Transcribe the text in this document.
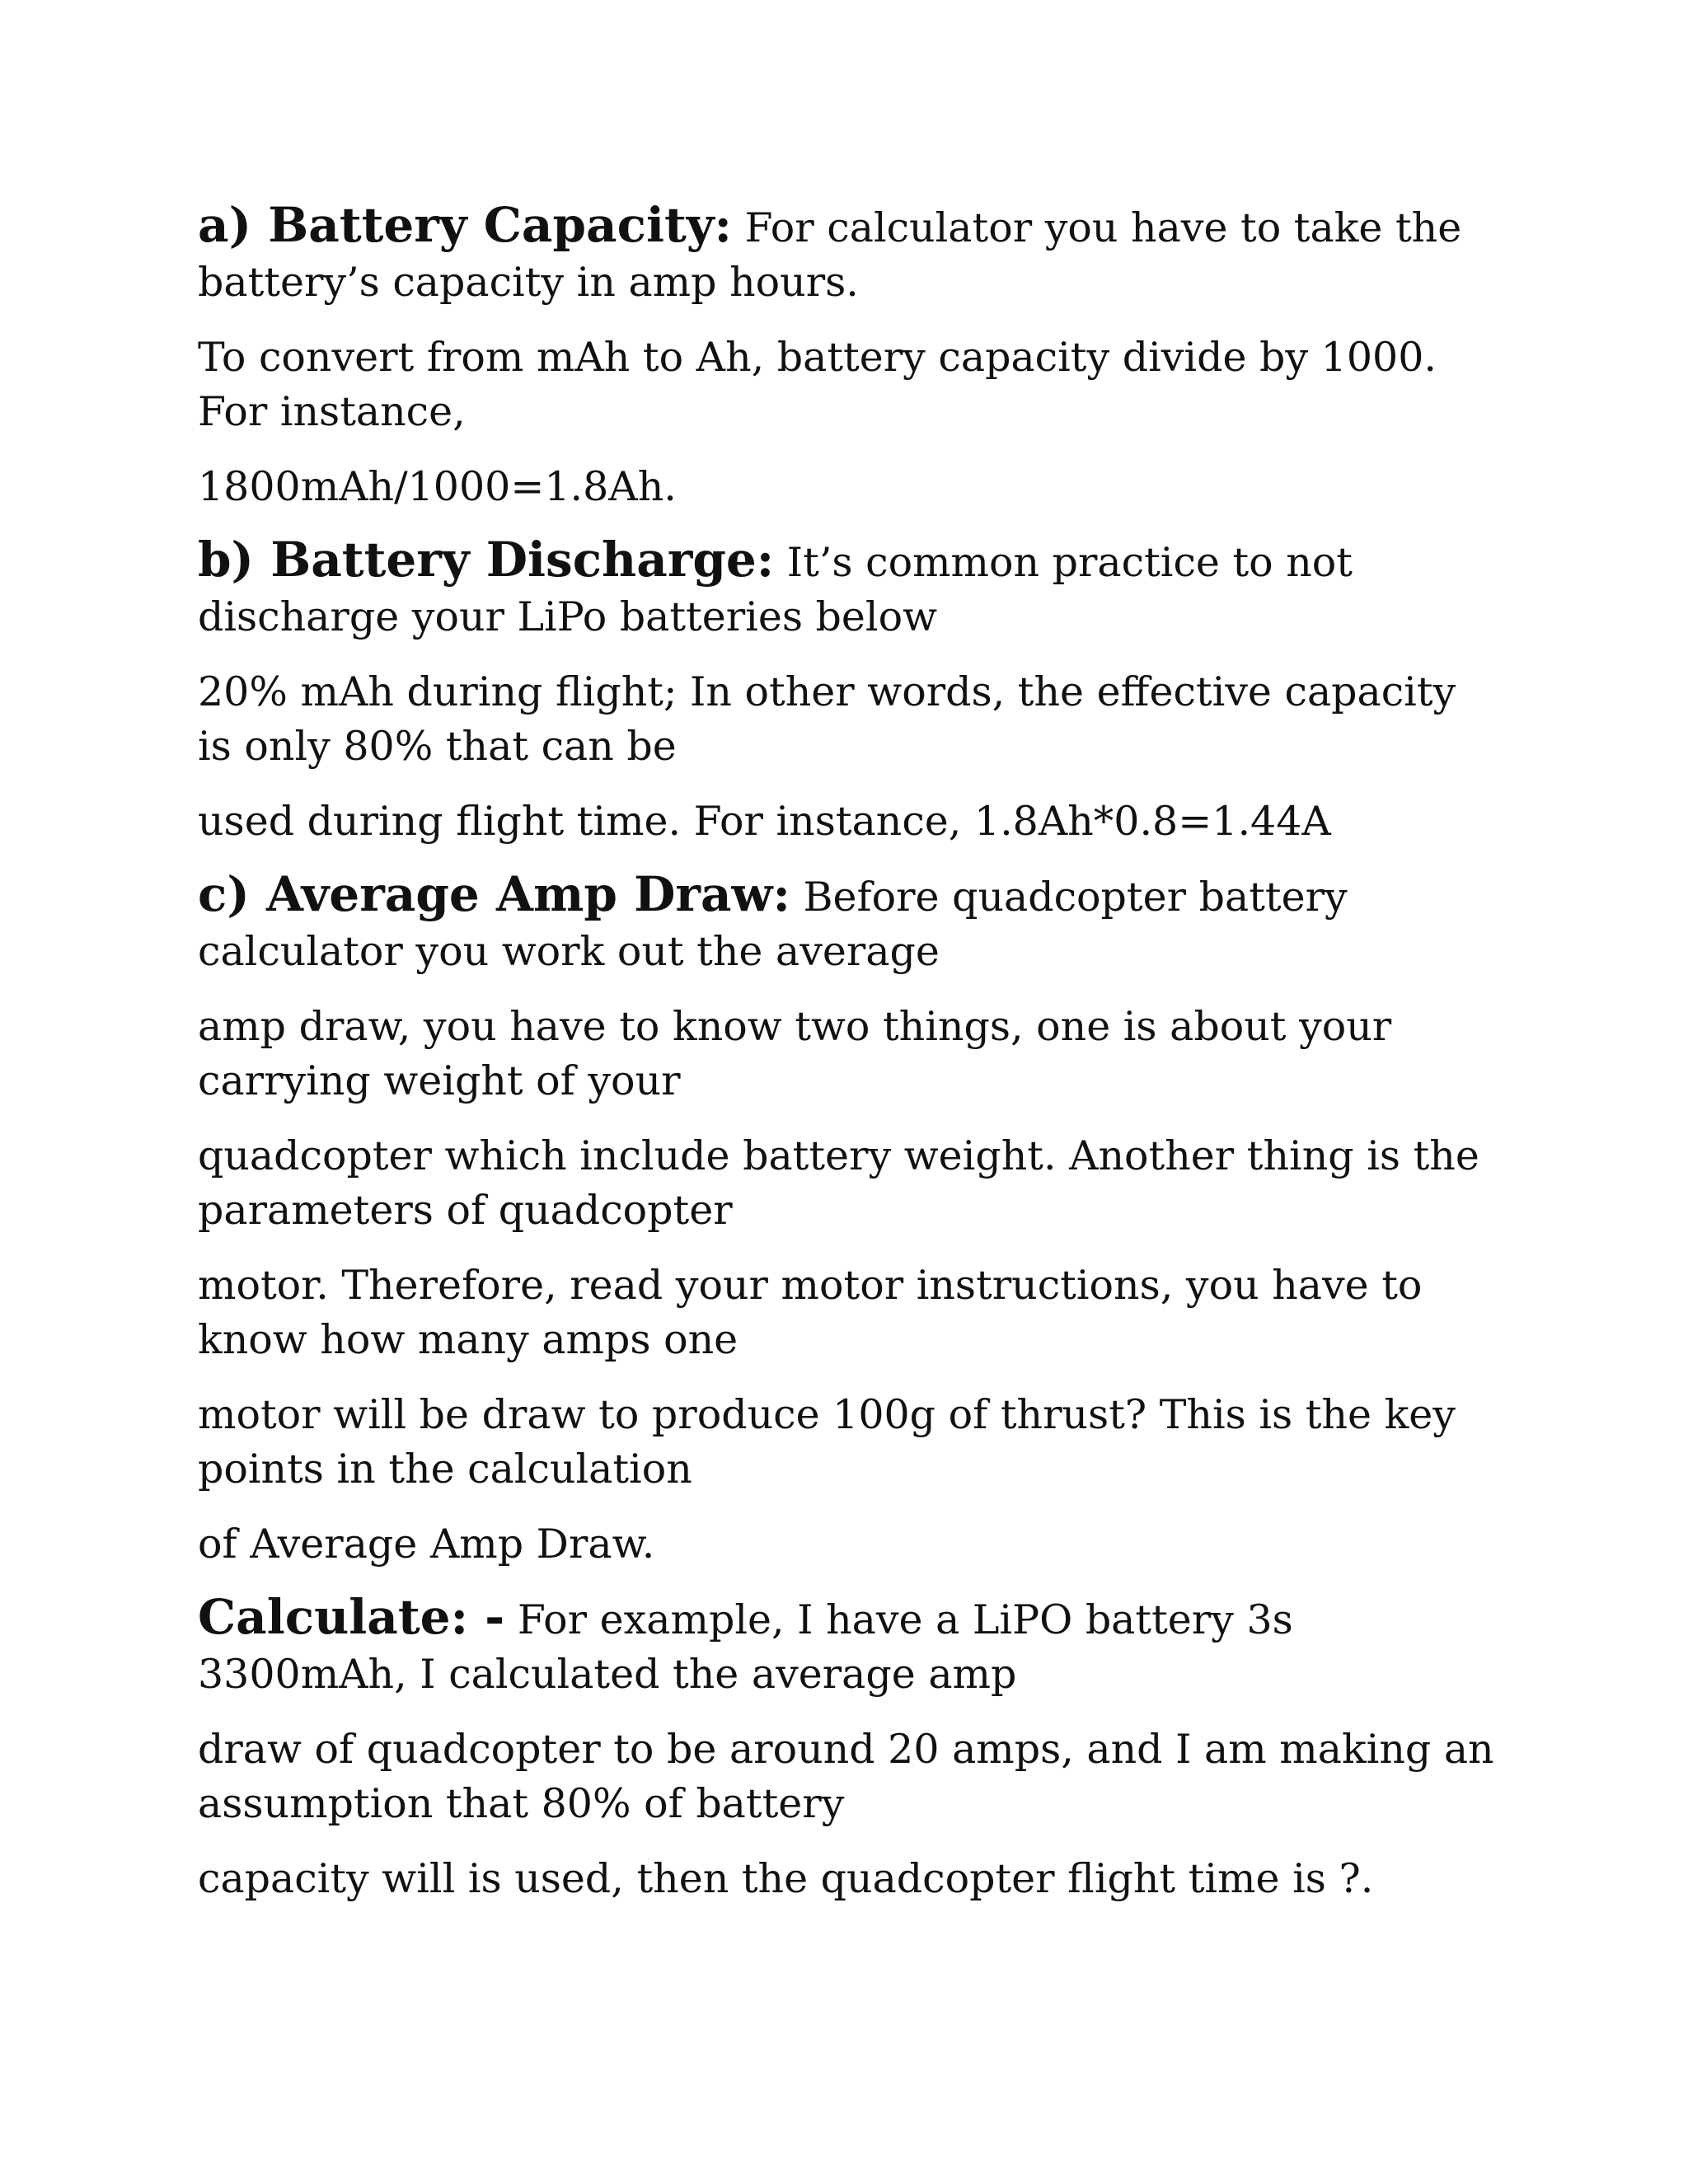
a) Battery Capacity: For calculator you have to take the battery’s capacity in amp hours.

To convert from mAh to Ah, battery capacity divide by 1000. For instance,

1800mAh/1000=1.8Ah.

b) Battery Discharge: It’s common practice to not discharge your LiPo batteries below

20% mAh during flight; In other words, the effective capacity is only 80% that can be

used during flight time. For instance, 1.8Ah*0.8=1.44A

c) Average Amp Draw: Before quadcopter battery calculator you work out the average

amp draw, you have to know two things, one is about your carrying weight of your

quadcopter which include battery weight. Another thing is the parameters of quadcopter

motor. Therefore, read your motor instructions, you have to know how many amps one

motor will be draw to produce 100g of thrust? This is the key points in the calculation

of Average Amp Draw.

Calculate: - For example, I have a LiPO battery 3s 3300mAh, I calculated the average amp

draw of quadcopter to be around 20 amps, and I am making an assumption that 80% of battery

capacity will is used, then the quadcopter flight time is ?.
